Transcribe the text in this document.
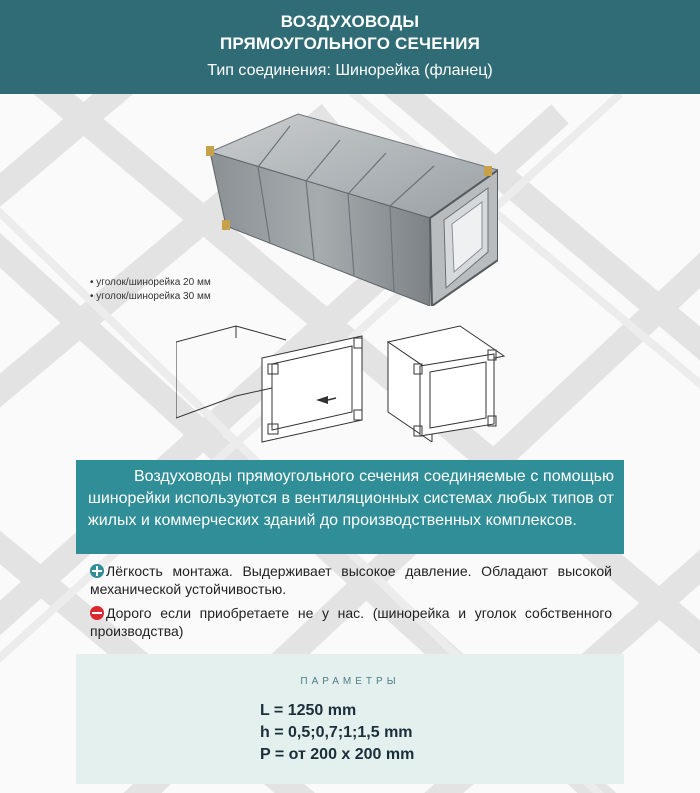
ВОЗДУХОВОДЫ
ПРЯМОУГОЛЬНОГО СЕЧЕНИЯ
Тип соединения: Шинорейка (фланец)
• уголок/шинорейка 20 мм
• уголок/шинорейка 30 мм

Воздуховоды прямоугольного сечения соединяемые с помощью шинорейки используются в вентиляционных системах любых типов от жилых и коммерческих зданий до производственных комплексов.

Лёгкость монтажа. Выдерживает высокое давление. Обладают высокой механической устойчивостью.
Дорого если приобретаете не у нас. (шинорейка и уголок собственного производства)
ПАРАМЕТРЫ
L = 1250 mm
h = 0,5;0,7;1;1,5 mm
P = от 200 х 200 mm
